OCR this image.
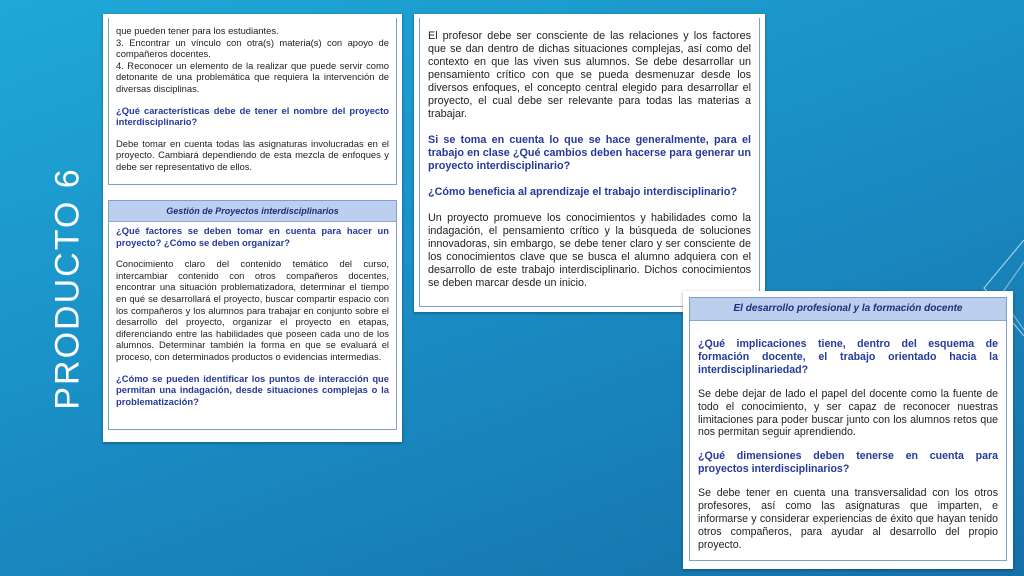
PRODUCTO 6

que pueden tener para los estudiantes.

3. Encontrar un vínculo con otra(s) materia(s) con apoyo de compañeros docentes.

4. Reconocer un elemento de la realizar que puede servir como detonante de una problemática que requiera la intervención de diversas disciplinas.

¿Qué características debe de tener el nombre del proyecto interdisciplinario?

Debe tomar en cuenta todas las asignaturas involucradas en el proyecto. Cambiará dependiendo de esta mezcla de enfoques y debe ser representativo de ellos.

Gestión de Proyectos interdisciplinarios

¿Qué factores se deben tomar en cuenta para hacer un proyecto? ¿Cómo se deben organizar?

Conocimiento claro del contenido temático del curso, intercambiar contenido con otros compañeros docentes, encontrar una situación problematizadora, determinar el tiempo en qué se desarrollará el proyecto, buscar compartir espacio con los compañeros y los alumnos para trabajar en conjunto sobre el desarrollo del proyecto, organizar el proyecto en etapas, diferenciando entre las habilidades que poseen cada uno de los alumnos. Determinar también la forma en que se evaluará el proceso, con determinados productos o evidencias intermedias.

¿Cómo se pueden identificar los puntos de interacción que permitan una indagación, desde situaciones complejas o la problematización?

El profesor debe ser consciente de las relaciones y los factores que se dan dentro de dichas situaciones complejas, así como del contexto en que las viven sus alumnos. Se debe desarrollar un pensamiento crítico con que se pueda desmenuzar desde los diversos enfoques, el concepto central elegido para desarrollar el proyecto, el cual debe ser relevante para todas las materias a trabajar.

Si se toma en cuenta lo que se hace generalmente, para el trabajo en clase ¿Qué cambios deben hacerse para generar un proyecto interdisciplinario?

¿Cómo beneficia al aprendizaje el trabajo interdisciplinario?

Un proyecto promueve los conocimientos y habilidades como la indagación, el pensamiento crítico y la búsqueda de soluciones innovadoras, sin embargo, se debe tener claro y ser consciente de los conocimientos clave que se busca el alumno adquiera con el desarrollo de este trabajo interdisciplinario. Dichos conocimientos se deben marcar desde un inicio.

El desarrollo profesional y la formación docente

¿Qué implicaciones tiene, dentro del esquema de formación docente, el trabajo orientado hacia la interdisciplinariedad?

Se debe dejar de lado el papel del docente como la fuente de todo el conocimiento, y ser capaz de reconocer nuestras limitaciones para poder buscar junto con los alumnos retos que nos permitan seguir aprendiendo.

¿Qué dimensiones deben tenerse en cuenta para proyectos interdisciplinarios?

Se debe tener en cuenta una transversalidad con los otros profesores, así como las asignaturas que imparten, e informarse y considerar experiencias de éxito que hayan tenido otros compañeros, para ayudar al desarrollo del propio proyecto.
